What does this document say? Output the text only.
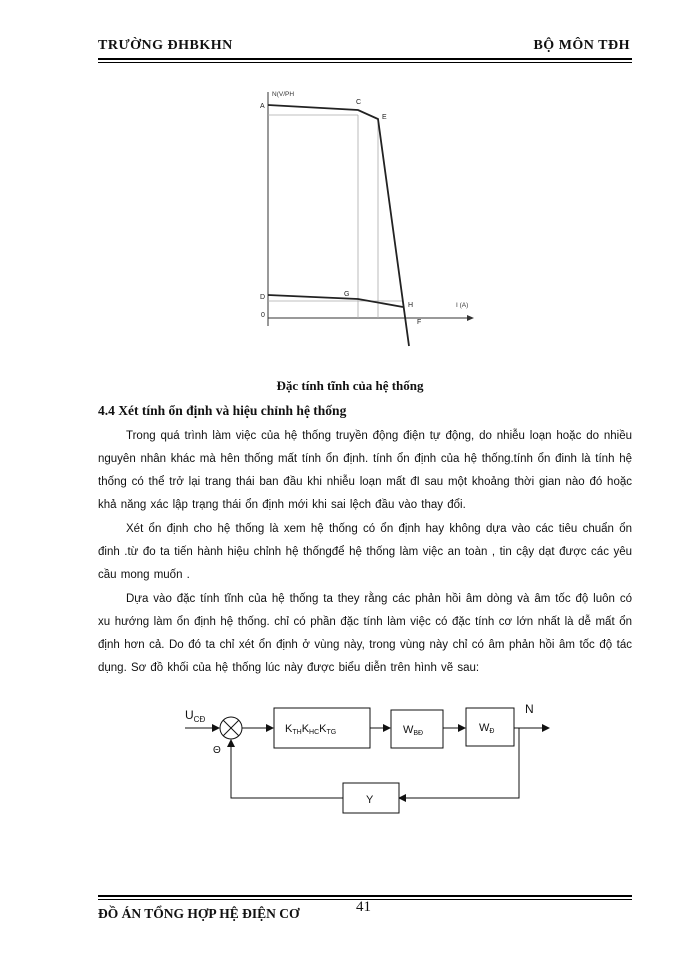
TRƯỜNG ĐHBKHN	BỘ MÔN TĐH
N(V/PH
I (A)
A
C
E
D	G
H
F
0
Đặc tính tĩnh của hệ thống
4.4 Xét tính ổn định và hiệu chỉnh hệ thống
Trong quá trình làm việc của hệ thống truyền động điện tự động, do nhiễu loạn hoặc do nhiều nguyên nhân khác mà hên thống mất tính ổn định. tính ổn định của hệ thống.tính ổn đinh là tính hệ thống có thể trở lại trang thái ban đầu khi nhiễu loạn mất đI sau một khoảng thời gian nào đó hoặc khả năng xác lập trạng thái ổn định mới khi sai lệch đầu vào thay đổi.
Xét ổn định cho hệ thống là xem hệ thống có ổn định hay không dựa vào các tiêu chuẩn ổn đinh .từ đo ta tiến hành hiệu chỉnh hệ thốngđể hệ thống làm việc an toàn , tin cậy dạt được các yêu cầu mong muốn .
Dựa vào đặc tính tĩnh của hệ thống ta they rằng các phản hồi âm dòng và âm tốc độ luôn có xu hướng làm ổn định hệ thống. chỉ có phần đặc tính làm việc có đặc tính cơ lớn nhất là dễ mất ổn định hơn cả. Do đó ta chỉ xét ổn định ở vùng này, trong vùng này chỉ có âm phản hồi âm tốc độ tác dụng. Sơ đồ khối của hệ thống lúc này được biểu diễn trên hình vẽ sau:
$U_{CĐ}$
Θ
KTHKHCKTG	WBĐ	WĐ
N
Y
ĐỒ ÁN TỔNG HỢP HỆ ĐIỆN CƠ	41
